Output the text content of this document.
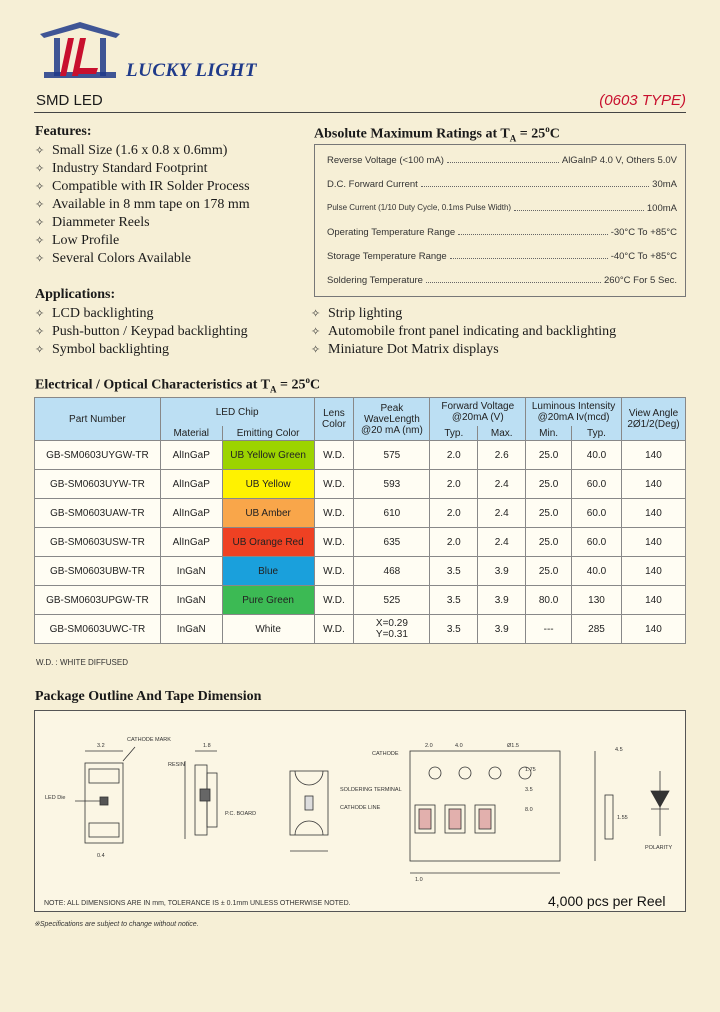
LUCKY LIGHT
SMD LED	(0603 TYPE)
Features:
✧ Small Size (1.6 x 0.8 x 0.6mm)
✧ Industry Standard Footprint
✧ Compatible with IR Solder Process
✧ Available in 8 mm tape on 178 mm
✧ Diammeter Reels
✧ Low Profile
✧ Several Colors Available
Absolute Maximum Ratings at $T_A = 25^oC$
Reverse Voltage (<100 mA)	AlGaInP 4.0 V, Others 5.0V
D.C. Forward Current	30mA
Pulse Current (1/10 Duty Cycle, 0.1ms Pulse Width)	100mA
Operating Temperature Range	-30°C To +85°C
Storage Temperature Range	-40°C To +85°C
Soldering Temperature	260°C For 5 Sec.
Applications:
✧ LCD backlighting
✧ Push-button / Keypad backlighting
✧ Symbol backlighting
✧ Strip lighting
✧ Automobile front panel indicating and backlighting
✧ Miniature Dot Matrix displays
Electrical / Optical Characteristics at $T_A = 25^oC$
Part Number	LED Chip		Lens Color	Peak WaveLength @20 mA (nm)	Forward Voltage @20mA (V)		Luminous Intensity @20mA Iv(mcd)		View Angle 2Ø1/2(Deg)
	Material	Emitting Color			Typ.	Max.	Min.	Typ.	
GB-SM0603UYGW-TR	AlInGaP	UB Yellow Green	W.D.	575	2.0	2.6	25.0	40.0	140
GB-SM0603UYW-TR	AlInGaP	UB Yellow	W.D.	593	2.0	2.4	25.0	60.0	140
GB-SM0603UAW-TR	AlInGaP	UB Amber	W.D.	610	2.0	2.4	25.0	60.0	140
GB-SM0603USW-TR	AlInGaP	UB Orange Red	W.D.	635	2.0	2.4	25.0	60.0	140
GB-SM0603UBW-TR	InGaN	Blue	W.D.	468	3.5	3.9	25.0	40.0	140
GB-SM0603UPGW-TR	InGaN	Pure Green	W.D.	525	3.5	3.9	80.0	130	140
GB-SM0603UWC-TR	InGaN	White	W.D.	X=0.29
Y=0.31	3.5	3.9	---	285	140
W.D. : WHITE DIFFUSED
Package Outline And Tape Dimension
LED Die
CATHODE MARK
3.2
0.4
RESIN
P.C. BOARD
1.8
SOLDERING TERMINAL
CATHODE LINE
CATHODE
2.0	4.0	Ø1.5
1.75
3.5
8.0
1.0
4.5
1.55
POLARITY
NOTE: ALL DIMENSIONS ARE IN mm, TOLERANCE IS ± 0.1mm UNLESS OTHERWISE NOTED.	4,000 pcs per Reel
※Specifications are subject to change without notice.
